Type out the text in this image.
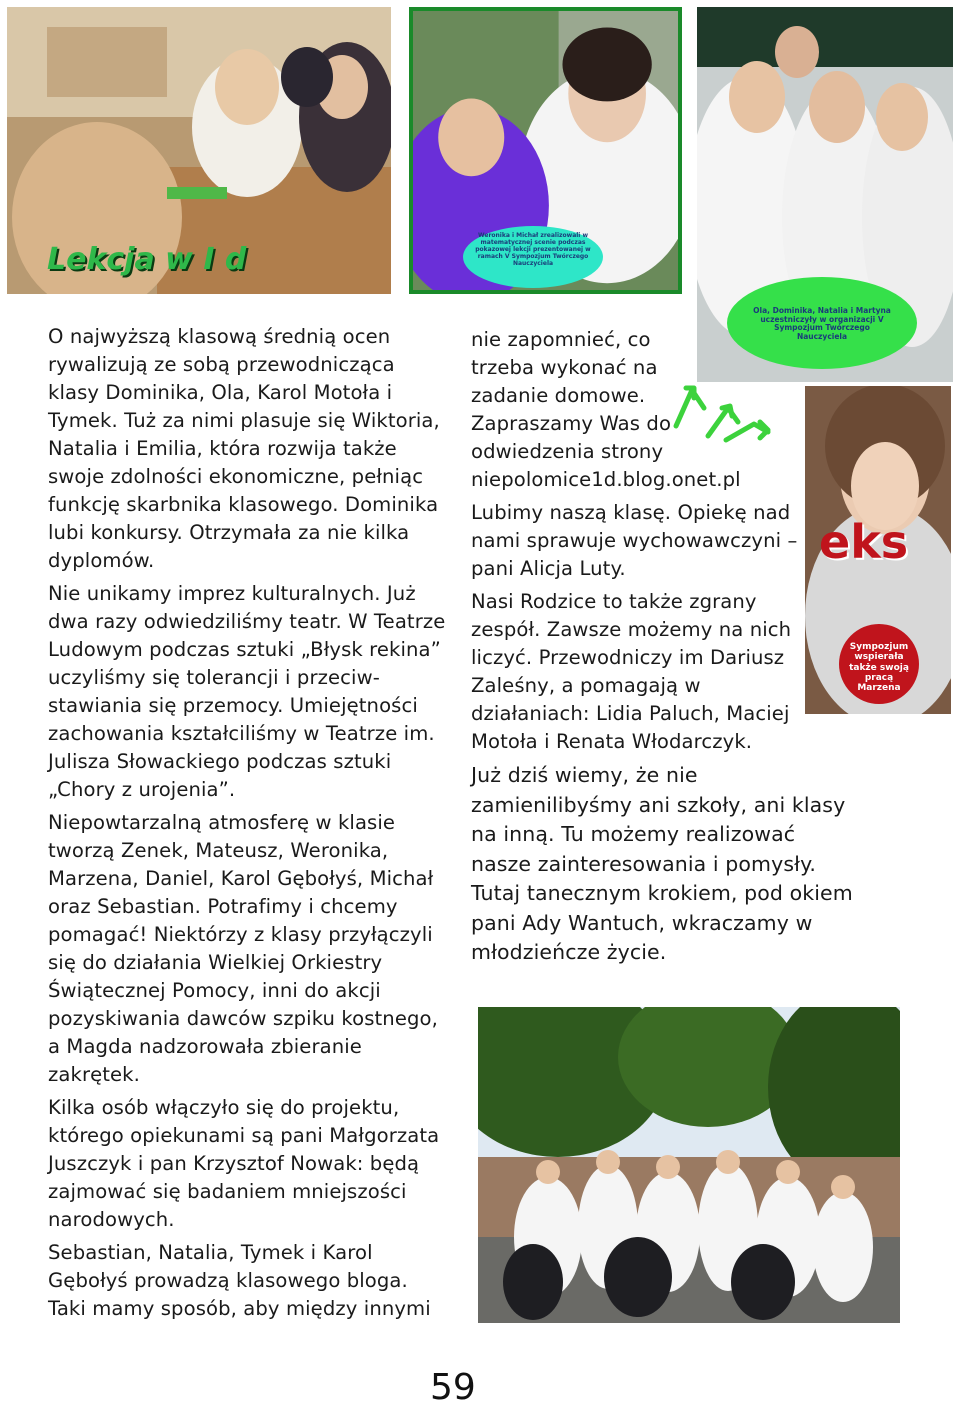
Lekcja w I d
Weronika i Michał zrealizowali w matematycznej scenie podczas pokazowej lekcji prezentowanej w ramach V Sympozjum Twórczego Nauczyciela
Ola, Dominika, Natalia i Martyna uczestniczyły w organizacji V Sympozjum Twórczego Nauczyciela
eks
Sympozjum wspierała także swoją pracą Marzena

O najwyższą klasową średnią ocen rywalizują ze sobą przewodnicząca klasy Dominika, Ola, Karol Motoła i Tymek. Tuż za nimi plasuje się Wiktoria, Natalia i Emilia, która rozwija także swoje zdolności ekonomiczne, pełniąc funkcję skarbnika klasowego. Dominika lubi konkursy. Otrzymała za nie kilka dyplomów.

Nie unikamy imprez kulturalnych. Już dwa razy odwiedziliśmy teatr. W Teatrze Ludowym podczas sztuki „Błysk rekina” uczyliśmy się tolerancji i przeciw-stawiania się przemocy. Umiejętności zachowania kształciliśmy w Teatrze im. Julisza Słowackiego podczas sztuki „Chory z urojenia”.

Niepowtarzalną atmosferę w klasie tworzą Zenek, Mateusz, Weronika, Marzena, Daniel, Karol Gębołyś, Michał oraz Sebastian. Potrafimy i chcemy pomagać! Niektórzy z klasy przyłączyli się do działania Wielkiej Orkiestry Świątecznej Pomocy, inni do akcji pozyskiwania dawców szpiku kostnego, a Magda nadzorowała zbieranie zakrętek.

Kilka osób włączyło się do projektu, którego opiekunami są pani Małgorzata Juszczyk i pan Krzysztof Nowak: będą zajmować się badaniem mniejszości narodowych.

Sebastian, Natalia, Tymek i Karol Gębołyś prowadzą klasowego bloga. Taki mamy sposób, aby między innymi

nie zapomnieć, co trzeba wykonać na zadanie domowe. Zapraszamy Was do odwiedzenia strony niepolomice1d.blog.onet.pl

Lubimy naszą klasę. Opiekę nad nami sprawuje wychowawczyni – pani Alicja Luty.

Nasi Rodzice to także zgrany zespół. Zawsze możemy na nich liczyć. Przewodniczy im Dariusz Zaleśny, a pomagają w działaniach: Lidia Paluch, Maciej Motoła i Renata Włodarczyk.

Już dziś wiemy, że nie zamienilibyśmy ani szkoły, ani klasy na inną. Tu możemy realizować nasze zainteresowania i pomysły. Tutaj tanecznym krokiem, pod okiem pani Ady Wantuch, wkraczamy w młodzieńcze życie.

59
